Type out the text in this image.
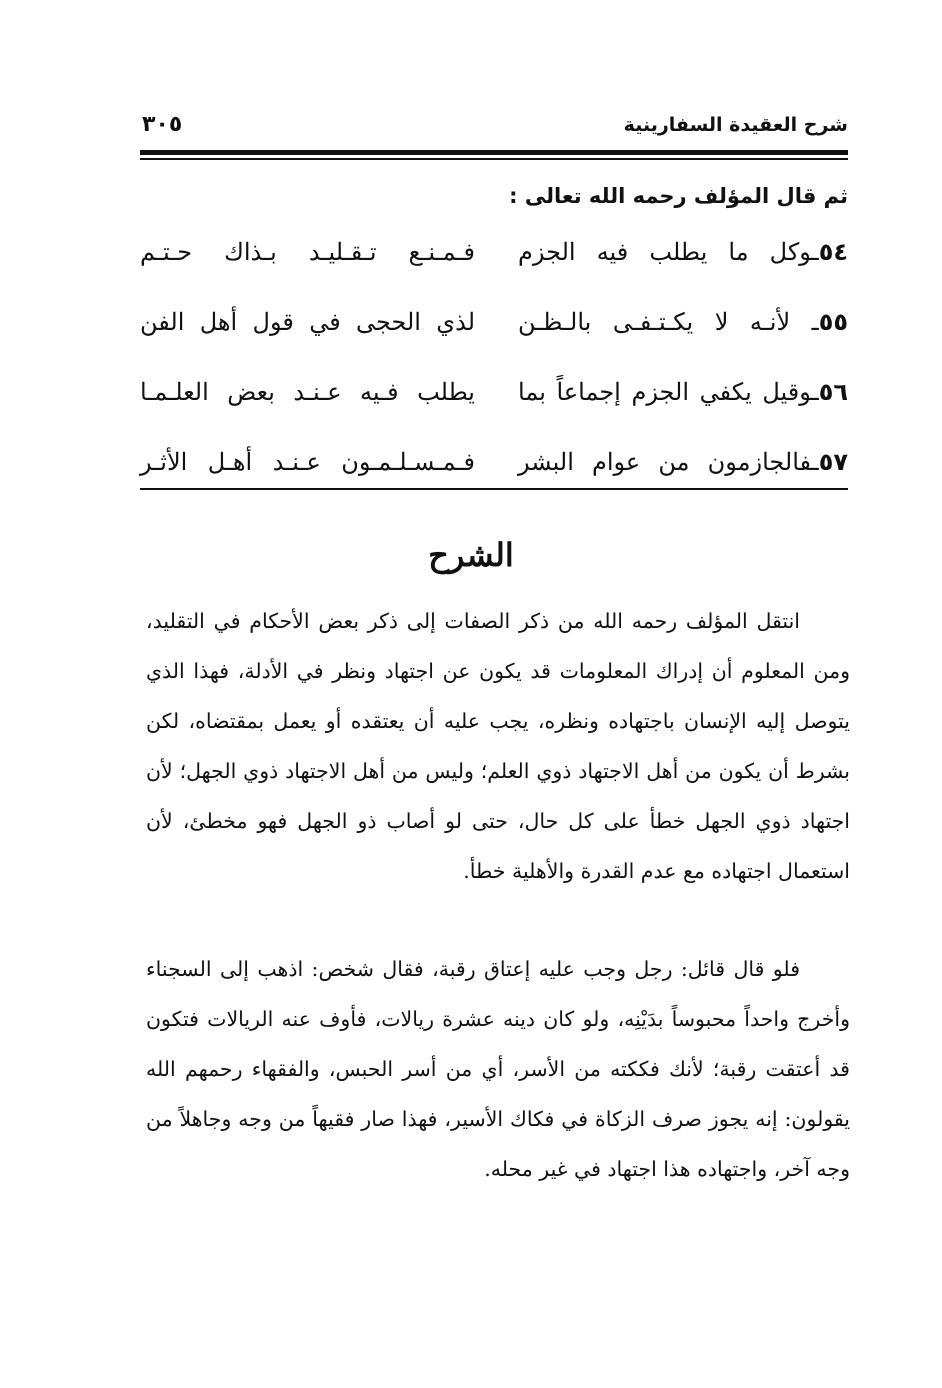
شرح العقيدة السفارينية
٣٠٥
ثم قال المؤلف رحمه الله تعالى :
٥٤ـوكل ما يطلب فيه الجزم
فـمـنـع تـقـليـد بـذاك حـتـم
٥٥ـ لأنـه لا يكـتـفـى بالـظـن
لذي الحجى في قول أهل الفن
٥٦ـوقيل يكفي الجزم إجماعاً بما
يطلب فـيه عـنـد بعض العلـمـا
٥٧ـفالجازمون من عوام البشر
فـمـسـلـمـون عـنـد أهـل الأثـر
الشرح

انتقل المؤلف رحمه الله من ذكر الصفات إلى ذكر بعض الأحكام في التقليد، ومن المعلوم أن إدراك المعلومات قد يكون عن اجتهاد ونظر في الأدلة، فهذا الذي يتوصل إليه الإنسان باجتهاده ونظره، يجب عليه أن يعتقده أو يعمل بمقتضاه، لكن بشرط أن يكون من أهل الاجتهاد ذوي العلم؛ وليس من أهل الاجتهاد ذوي الجهل؛ لأن اجتهاد ذوي الجهل خطأ على كل حال، حتى لو أصاب ذو الجهل فهو مخطئ، لأن استعمال اجتهاده مع عدم القدرة والأهلية خطأ.

فلو قال قائل: رجل وجب عليه إعتاق رقبة، فقال شخص: اذهب إلى السجناء وأخرج واحداً محبوساً بدَيْنِه، ولو كان دينه عشرة ريالات، فأوف عنه الريالات فتكون قد أعتقت رقبة؛ لأنك فككته من الأسر، أي من أسر الحبس، والفقهاء رحمهم الله يقولون: إنه يجوز صرف الزكاة في فكاك الأسير، فهذا صار فقيهاً من وجه وجاهلاً من وجه آخر، واجتهاده هذا اجتهاد في غير محله.
